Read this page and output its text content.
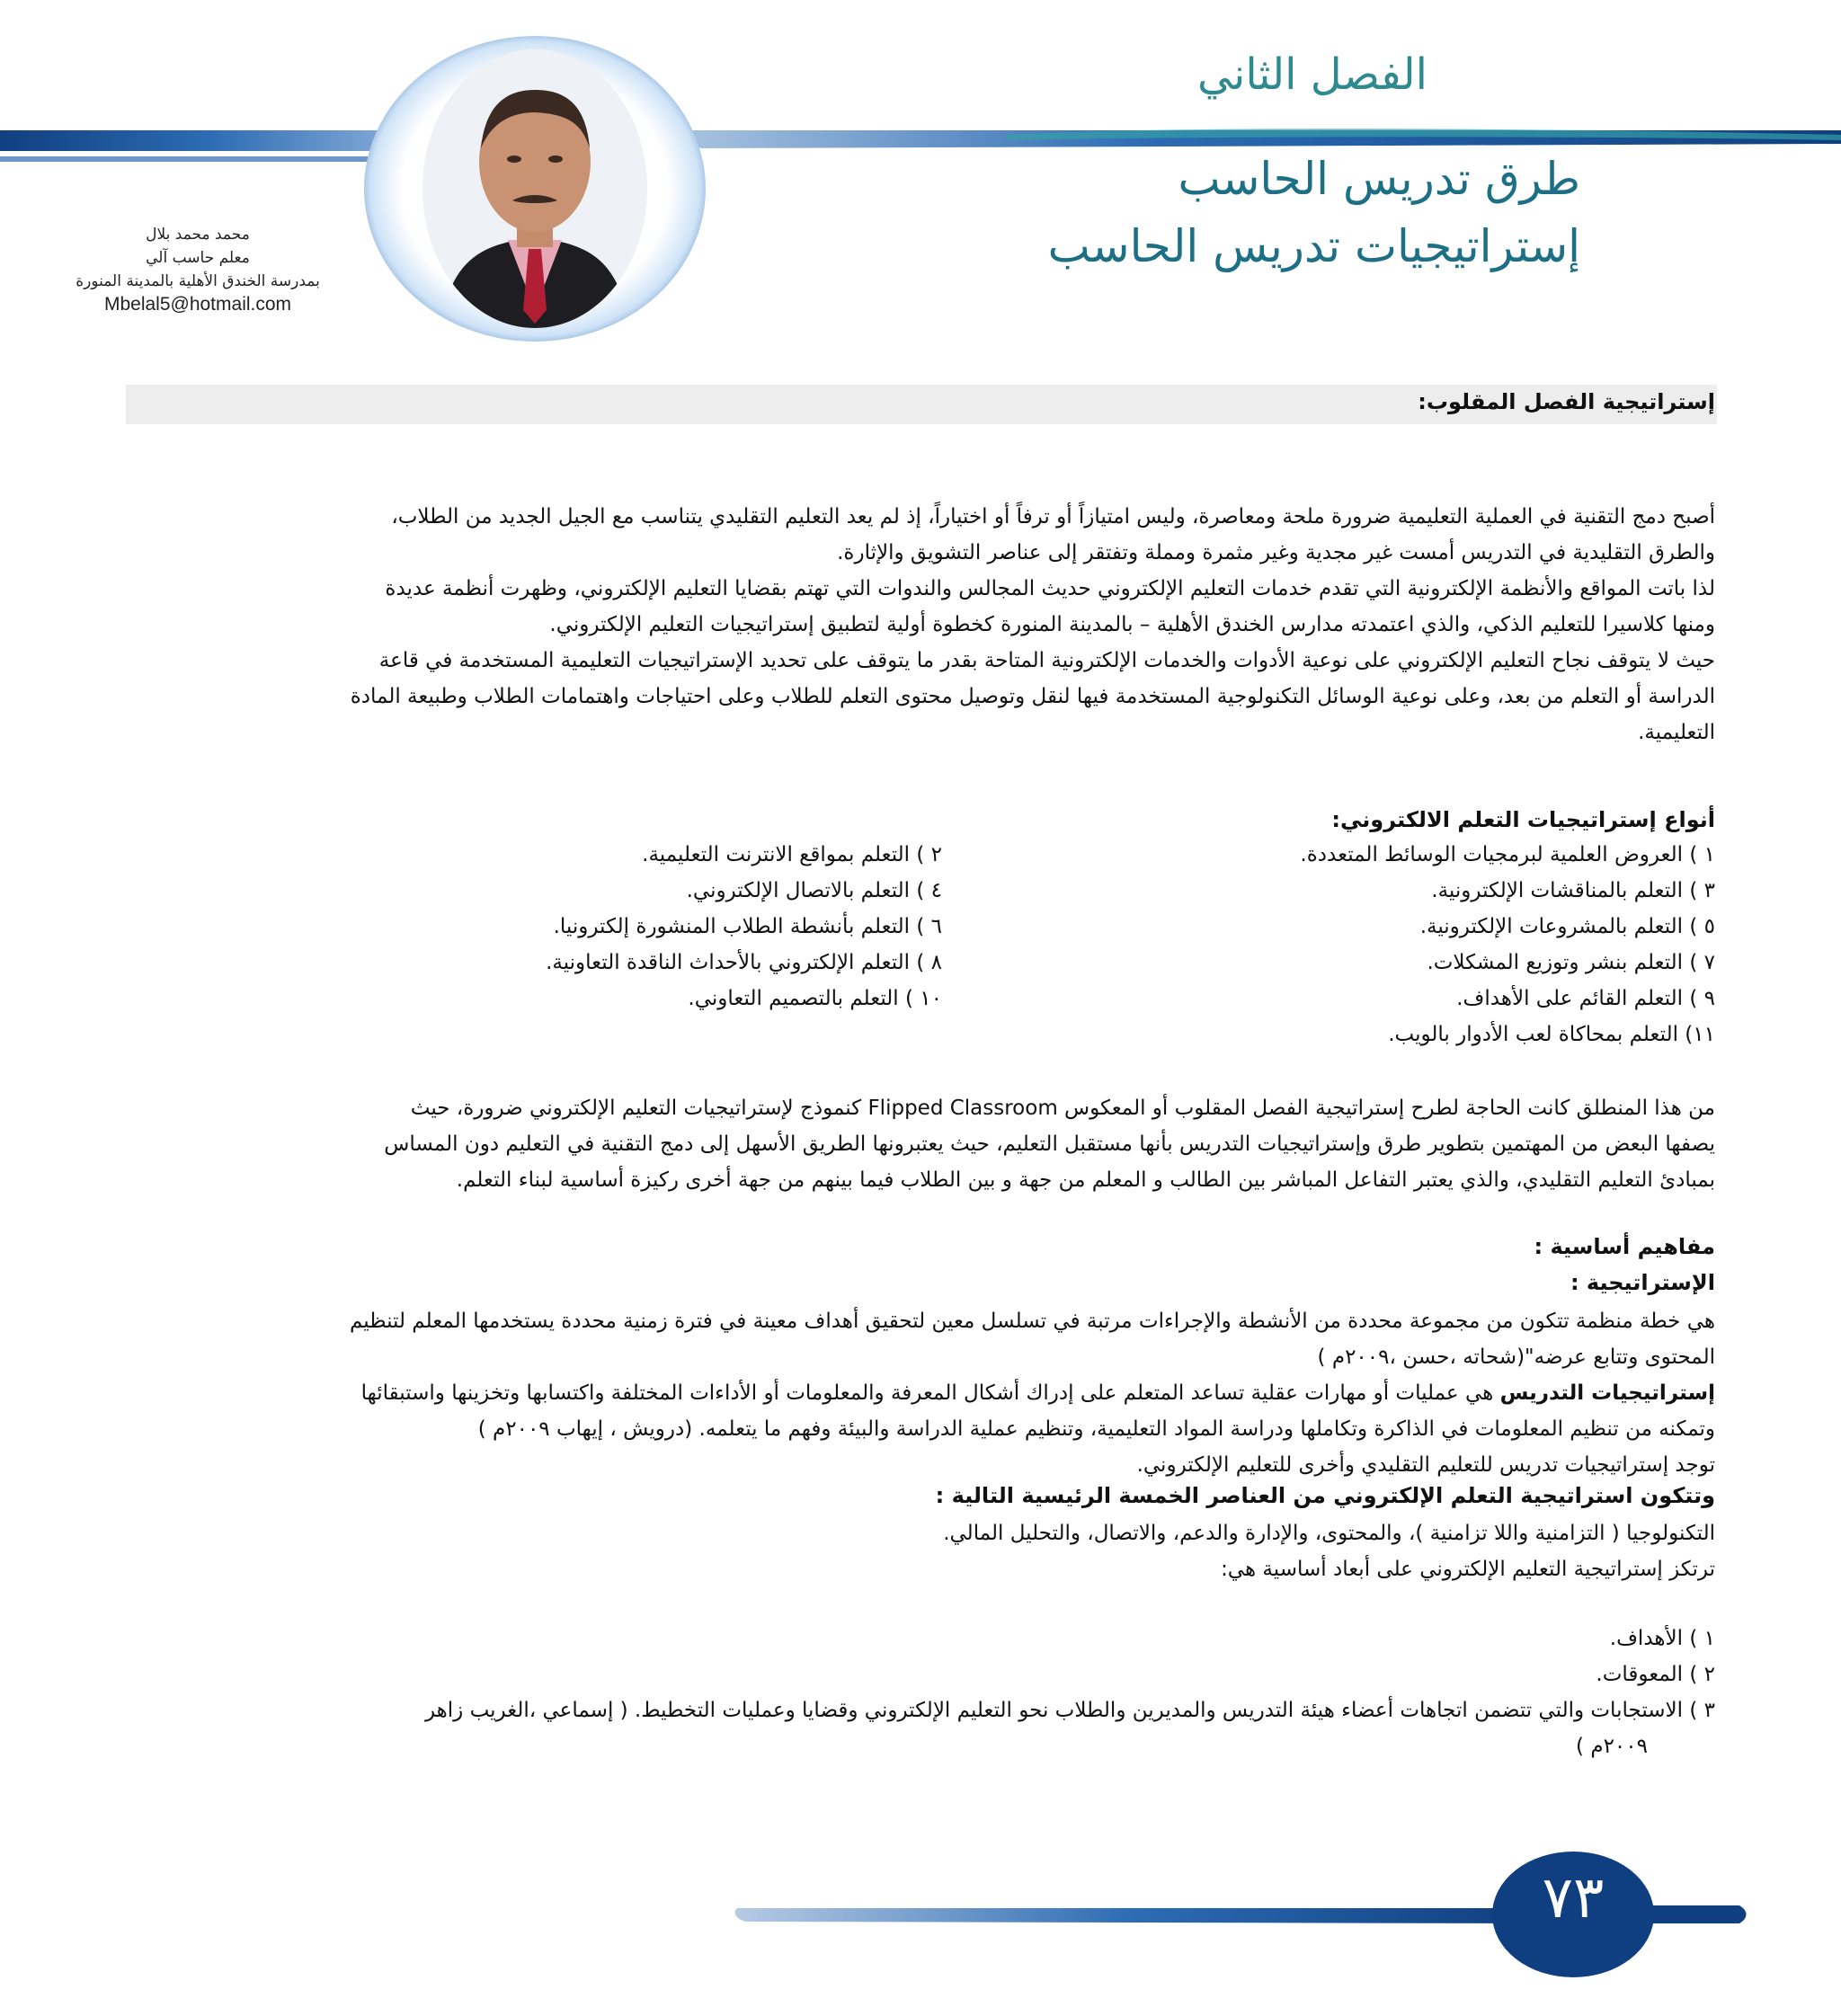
الفصل الثاني
طرق تدريس الحاسب
إستراتيجيات تدريس الحاسب
محمد محمد بلال
معلم حاسب آلي
بمدرسة الخندق الأهلية بالمدينة المنورة
Mbelal5@hotmail.com
إستراتيجية الفصل المقلوب:
أصبح دمج التقنية في العملية التعليمية ضرورة ملحة ومعاصرة، وليس امتيازاً أو ترفاً أو اختياراً، إذ لم يعد التعليم التقليدي يتناسب مع الجيل الجديد من الطلاب،
والطرق التقليدية في التدريس أمست غير مجدية وغير مثمرة ومملة وتفتقر إلى عناصر التشويق والإثارة.
لذا باتت المواقع والأنظمة الإلكترونية التي تقدم خدمات التعليم الإلكتروني حديث المجالس والندوات التي تهتم بقضايا التعليم الإلكتروني، وظهرت أنظمة عديدة
ومنها كلاسيرا للتعليم الذكي، والذي اعتمدته مدارس الخندق الأهلية – بالمدينة المنورة كخطوة أولية لتطبيق إستراتيجيات التعليم الإلكتروني.
حيث لا يتوقف نجاح التعليم الإلكتروني على نوعية الأدوات والخدمات الإلكترونية المتاحة بقدر ما يتوقف على تحديد الإستراتيجيات التعليمية المستخدمة في قاعة
الدراسة أو التعلم من بعد، وعلى نوعية الوسائل التكنولوجية المستخدمة فيها لنقل وتوصيل محتوى التعلم للطلاب وعلى احتياجات واهتمامات الطلاب وطبيعة المادة
التعليمية.
أنواع إستراتيجيات التعلم الالكتروني:
١ ) العروض العلمية لبرمجيات الوسائط المتعددة.
٣ ) التعلم بالمناقشات الإلكترونية.
٥ ) التعلم بالمشروعات الإلكترونية.
٧ ) التعلم بنشر وتوزيع المشكلات.
٩ ) التعلم القائم على الأهداف.
١١) التعلم بمحاكاة لعب الأدوار بالويب.
٢ ) التعلم بمواقع الانترنت التعليمية.
٤ ) التعلم بالاتصال الإلكتروني.
٦ ) التعلم بأنشطة الطلاب المنشورة إلكترونيا.
٨ ) التعلم الإلكتروني بالأحداث الناقدة التعاونية.
١٠ ) التعلم بالتصميم التعاوني.
من هذا المنطلق كانت الحاجة لطرح إستراتيجية الفصل المقلوب أو المعكوس Flipped Classroom كنموذج لإستراتيجيات التعليم الإلكتروني ضرورة، حيث
يصفها البعض من المهتمين بتطوير طرق وإستراتيجيات التدريس بأنها مستقبل التعليم، حيث يعتبرونها الطريق الأسهل إلى دمج التقنية في التعليم دون المساس
بمبادئ التعليم التقليدي، والذي يعتبر التفاعل المباشر بين الطالب و المعلم من جهة و بين الطلاب فيما بينهم من جهة أخرى ركيزة أساسية لبناء التعلم.
مفاهيم أساسية :
الإستراتيجية :
هي خطة منظمة تتكون من مجموعة محددة من الأنشطة والإجراءات مرتبة في تسلسل معين لتحقيق أهداف معينة في فترة زمنية محددة يستخدمها المعلم لتنظيم
المحتوى وتتابع عرضه"(شحاته ،حسن ،٢٠٠٩م )
إستراتيجيات التدريس هي عمليات أو مهارات عقلية تساعد المتعلم على إدراك أشكال المعرفة والمعلومات أو الأداءات المختلفة واكتسابها وتخزينها واستبقائها
وتمكنه من تنظيم المعلومات في الذاكرة وتكاملها ودراسة المواد التعليمية، وتنظيم عملية الدراسة والبيئة وفهم ما يتعلمه. (درويش ، إيهاب ٢٠٠٩م )
توجد إستراتيجيات تدريس للتعليم التقليدي وأخرى للتعليم الإلكتروني.
وتتكون استراتيجية التعلم الإلكتروني من العناصر الخمسة الرئيسية التالية :
التكنولوجيا ( التزامنية واللا تزامنية )، والمحتوى، والإدارة والدعم، والاتصال، والتحليل المالي.
ترتكز إستراتيجية التعليم الإلكتروني على أبعاد أساسية هي:
١ ) الأهداف.
٢ ) المعوقات.
٣ ) الاستجابات والتي تتضمن اتجاهات أعضاء هيئة التدريس والمديرين والطلاب نحو التعليم الإلكتروني وقضايا وعمليات التخطيط. ( إسماعي ،الغريب زاهر
٢٠٠٩م )
٧٣
